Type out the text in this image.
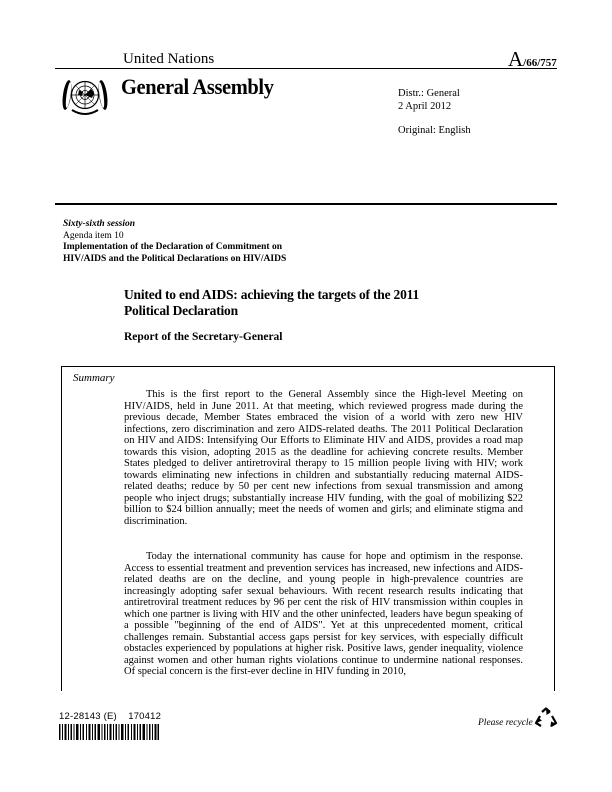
United Nations	A/66/757
General Assembly	Distr.: General
2 April 2012
Original: English
Sixty-sixth session
Agenda item 10
Implementation of the Declaration of Commitment on
HIV/AIDS and the Political Declarations on HIV/AIDS
United to end AIDS: achieving the targets of the 2011
Political Declaration
Report of the Secretary-General
Summary

This is the first report to the General Assembly since the High-level Meeting on HIV/AIDS, held in June 2011. At that meeting, which reviewed progress made during the previous decade, Member States embraced the vision of a world with zero new HIV infections, zero discrimination and zero AIDS-related deaths. The 2011 Political Declaration on HIV and AIDS: Intensifying Our Efforts to Eliminate HIV and AIDS, provides a road map towards this vision, adopting 2015 as the deadline for achieving concrete results. Member States pledged to deliver antiretroviral therapy to 15 million people living with HIV; work towards eliminating new infections in children and substantially reducing maternal AIDS-related deaths; reduce by 50 per cent new infections from sexual transmission and among people who inject drugs; substantially increase HIV funding, with the goal of mobilizing $22 billion to $24 billion annually; meet the needs of women and girls; and eliminate stigma and discrimination.

Today the international community has cause for hope and optimism in the response. Access to essential treatment and prevention services has increased, new infections and AIDS-related deaths are on the decline, and young people in high-prevalence countries are increasingly adopting safer sexual behaviours. With recent research results indicating that antiretroviral treatment reduces by 96 per cent the risk of HIV transmission within couples in which one partner is living with HIV and the other uninfected, leaders have begun speaking of a possible "beginning of the end of AIDS". Yet at this unprecedented moment, critical challenges remain. Substantial access gaps persist for key services, with especially difficult obstacles experienced by populations at higher risk. Positive laws, gender inequality, violence against women and other human rights violations continue to undermine national responses. Of special concern is the first-ever decline in HIV funding in 2010,

12-28143 (E)    170412
Please recycle
